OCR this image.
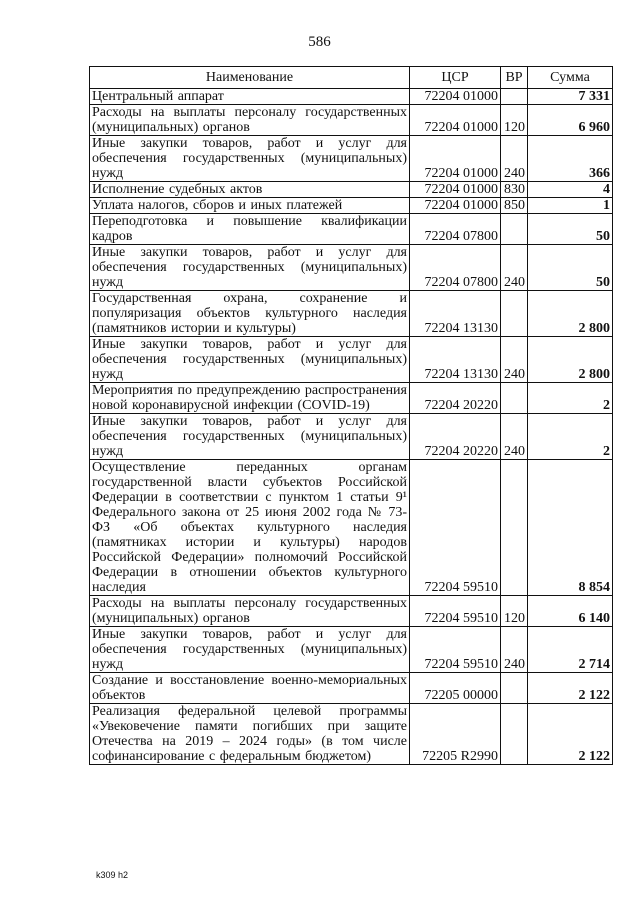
586
Наименование	ЦСР	ВР	Сумма
Центральный аппарат	72204 01000		7 331
Расходы на выплаты персоналу государственных (муниципальных) органов	72204 01000	120	6 960
Иные закупки товаров, работ и услуг для обеспечения государственных (муниципальных) нужд	72204 01000	240	366
Исполнение судебных актов	72204 01000	830	4
Уплата налогов, сборов и иных платежей	72204 01000	850	1
Переподготовка и повышение квалификации кадров	72204 07800		50
Иные закупки товаров, работ и услуг для обеспечения государственных (муниципальных) нужд	72204 07800	240	50
Государственная охрана, сохранение и популяризация объектов культурного наследия (памятников истории и культуры)	72204 13130		2 800
Иные закупки товаров, работ и услуг для обеспечения государственных (муниципальных) нужд	72204 13130	240	2 800
Мероприятия по предупреждению распространения новой коронавирусной инфекции (COVID-19)	72204 20220		2
Иные закупки товаров, работ и услуг для обеспечения государственных (муниципальных) нужд	72204 20220	240	2
Осуществление переданных органам государственной власти субъектов Российской Федерации в соответствии с пунктом 1 статьи 9¹ Федерального закона от 25 июня 2002 года № 73-ФЗ «Об объектах культурного наследия (памятниках истории и культуры) народов Российской Федерации» полномочий Российской Федерации в отношении объектов культурного наследия	72204 59510		8 854
Расходы на выплаты персоналу государственных (муниципальных) органов	72204 59510	120	6 140
Иные закупки товаров, работ и услуг для обеспечения государственных (муниципальных) нужд	72204 59510	240	2 714
Создание и восстановление военно-мемориальных объектов	72205 00000		2 122
Реализация федеральной целевой программы «Увековечение памяти погибших при защите Отечества на 2019 – 2024 годы» (в том числе софинансирование с федеральным бюджетом)	72205 R2990		2 122
k309 h2
